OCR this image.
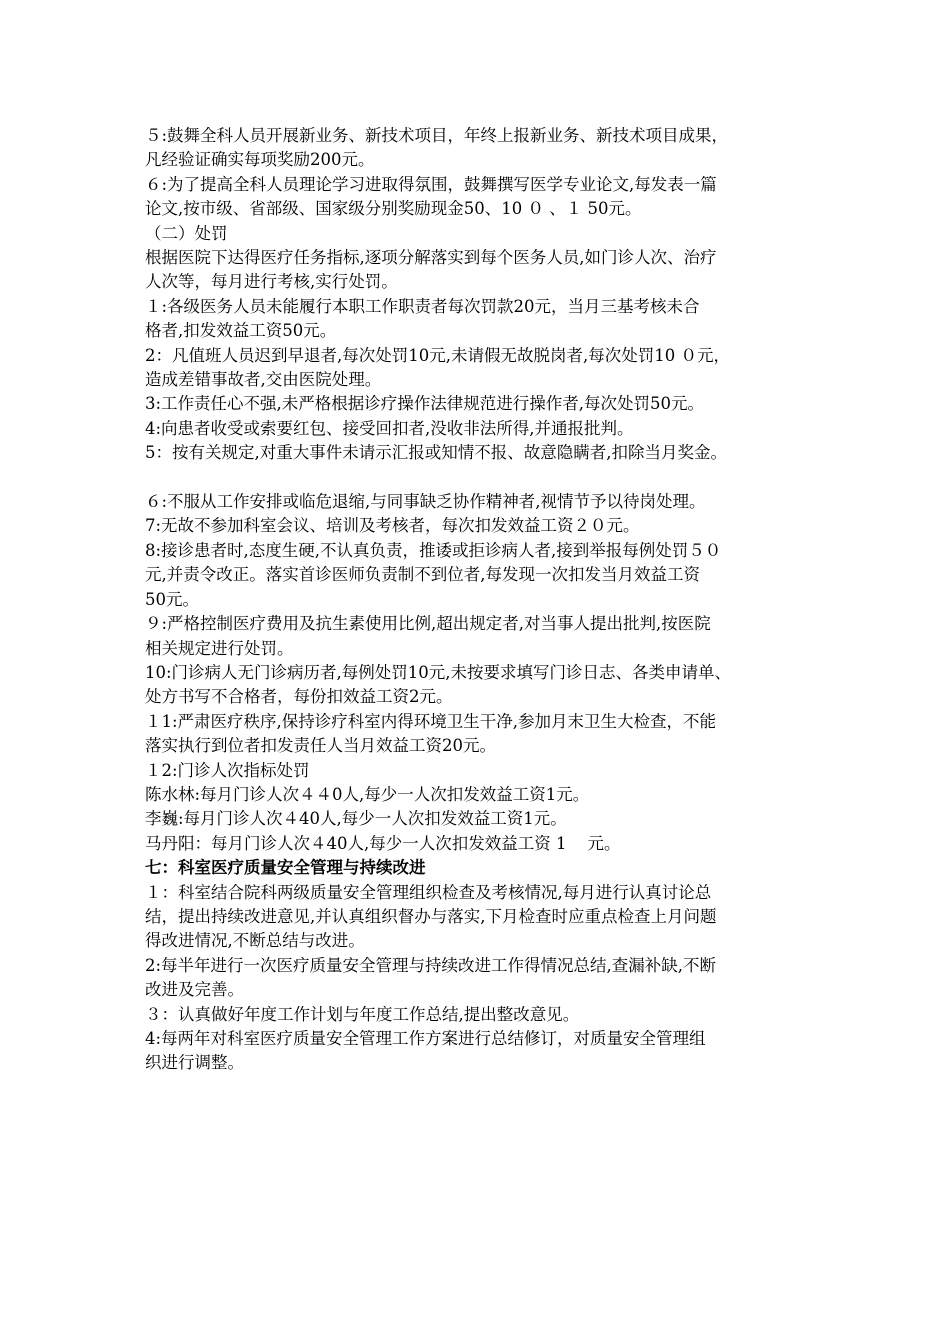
５:鼓舞全科人员开展新业务、新技术项目，年终上报新业务、新技术项目成果，
凡经验证确实每项奖励200元。
６:为了提高全科人员理论学习进取得氛围，鼓舞撰写医学专业论文,每发表一篇
论文,按市级、省部级、国家级分别奖励现金50、10 ０ 、１ 50元。
（二）处罚
根据医院下达得医疗任务指标,逐项分解落实到每个医务人员,如门诊人次、治疗
人次等，每月进行考核,实行处罚。
１:各级医务人员未能履行本职工作职责者每次罚款20元，当月三基考核未合
格者,扣发效益工资50元。
2：凡值班人员迟到早退者,每次处罚10元,未请假无故脱岗者,每次处罚10 ０元，
造成差错事故者,交由医院处理。
3:工作责任心不强,未严格根据诊疗操作法律规范进行操作者,每次处罚50元。
4:向患者收受或索要红包、接受回扣者,没收非法所得,并通报批判。
5：按有关规定,对重大事件未请示汇报或知情不报、故意隐瞒者,扣除当月奖金。
６:不服从工作安排或临危退缩,与同事缺乏协作精神者,视情节予以待岗处理。
7:无故不参加科室会议、培训及考核者，每次扣发效益工资２０元。
8:接诊患者时,态度生硬,不认真负责，推诿或拒诊病人者,接到举报每例处罚５０
元,并责令改正。落实首诊医师负责制不到位者,每发现一次扣发当月效益工资
50元。
９:严格控制医疗费用及抗生素使用比例,超出规定者,对当事人提出批判,按医院
相关规定进行处罚。
10:门诊病人无门诊病历者,每例处罚10元,未按要求填写门诊日志、各类申请单、
处方书写不合格者，每份扣效益工资2元。
１1:严肃医疗秩序,保持诊疗科室内得环境卫生干净,参加月末卫生大检查，不能
落实执行到位者扣发责任人当月效益工资20元。
１2:门诊人次指标处罚
陈水林:每月门诊人次４４0人,每少一人次扣发效益工资1元。
李巍:每月门诊人次４40人,每少一人次扣发效益工资1元。
马丹阳：每月门诊人次４40人,每少一人次扣发效益工资 1    元。
七：科室医疗质量安全管理与持续改进
１：科室结合院科两级质量安全管理组织检查及考核情况,每月进行认真讨论总
结，提出持续改进意见,并认真组织督办与落实,下月检查时应重点检查上月问题
得改进情况,不断总结与改进。
2:每半年进行一次医疗质量安全管理与持续改进工作得情况总结,查漏补缺,不断
改进及完善。
３：认真做好年度工作计划与年度工作总结,提出整改意见。
4:每两年对科室医疗质量安全管理工作方案进行总结修订，对质量安全管理组
织进行调整。
